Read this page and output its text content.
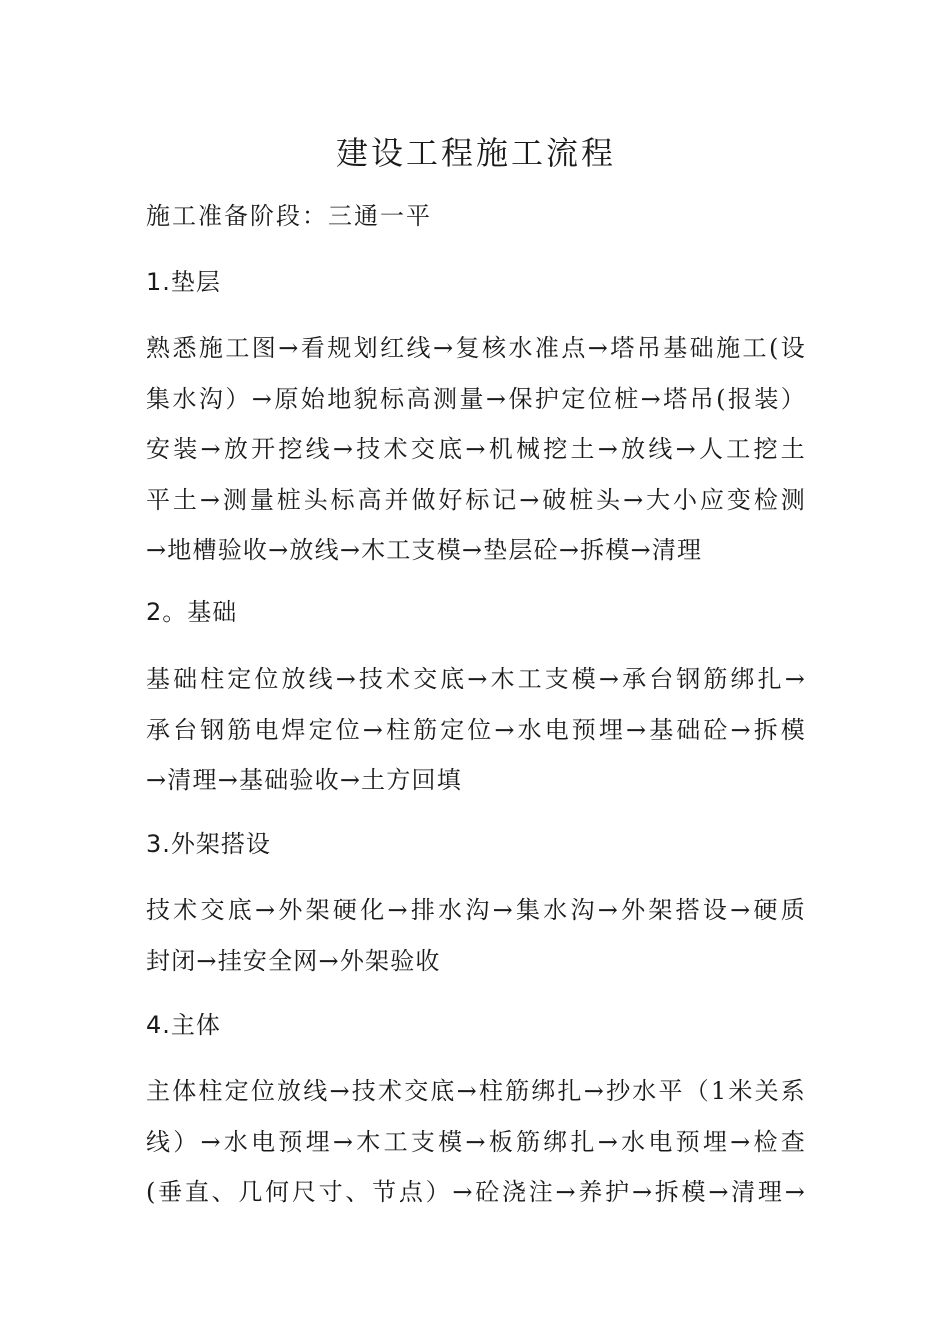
建设工程施工流程

施工准备阶段：三通一平

1.垫层

熟悉施工图→看规划红线→复核水准点→塔吊基础施工(设
集水沟）→原始地貌标高测量→保护定位桩→塔吊(报装）
安装→放开挖线→技术交底→机械挖土→放线→人工挖土
平土→测量桩头标高并做好标记→破桩头→大小应变检测
→地槽验收→放线→木工支模→垫层砼→拆模→清理

2。基础

基础柱定位放线→技术交底→木工支模→承台钢筋绑扎→
承台钢筋电焊定位→柱筋定位→水电预埋→基础砼→拆模
→清理→基础验收→土方回填

3.外架搭设

技术交底→外架硬化→排水沟→集水沟→外架搭设→硬质
封闭→挂安全网→外架验收

4.主体

主体柱定位放线→技术交底→柱筋绑扎→抄水平（1米关系
线）→水电预埋→木工支模→板筋绑扎→水电预埋→检查
(垂直、几何尺寸、节点）→砼浇注→养护→拆模→清理→
